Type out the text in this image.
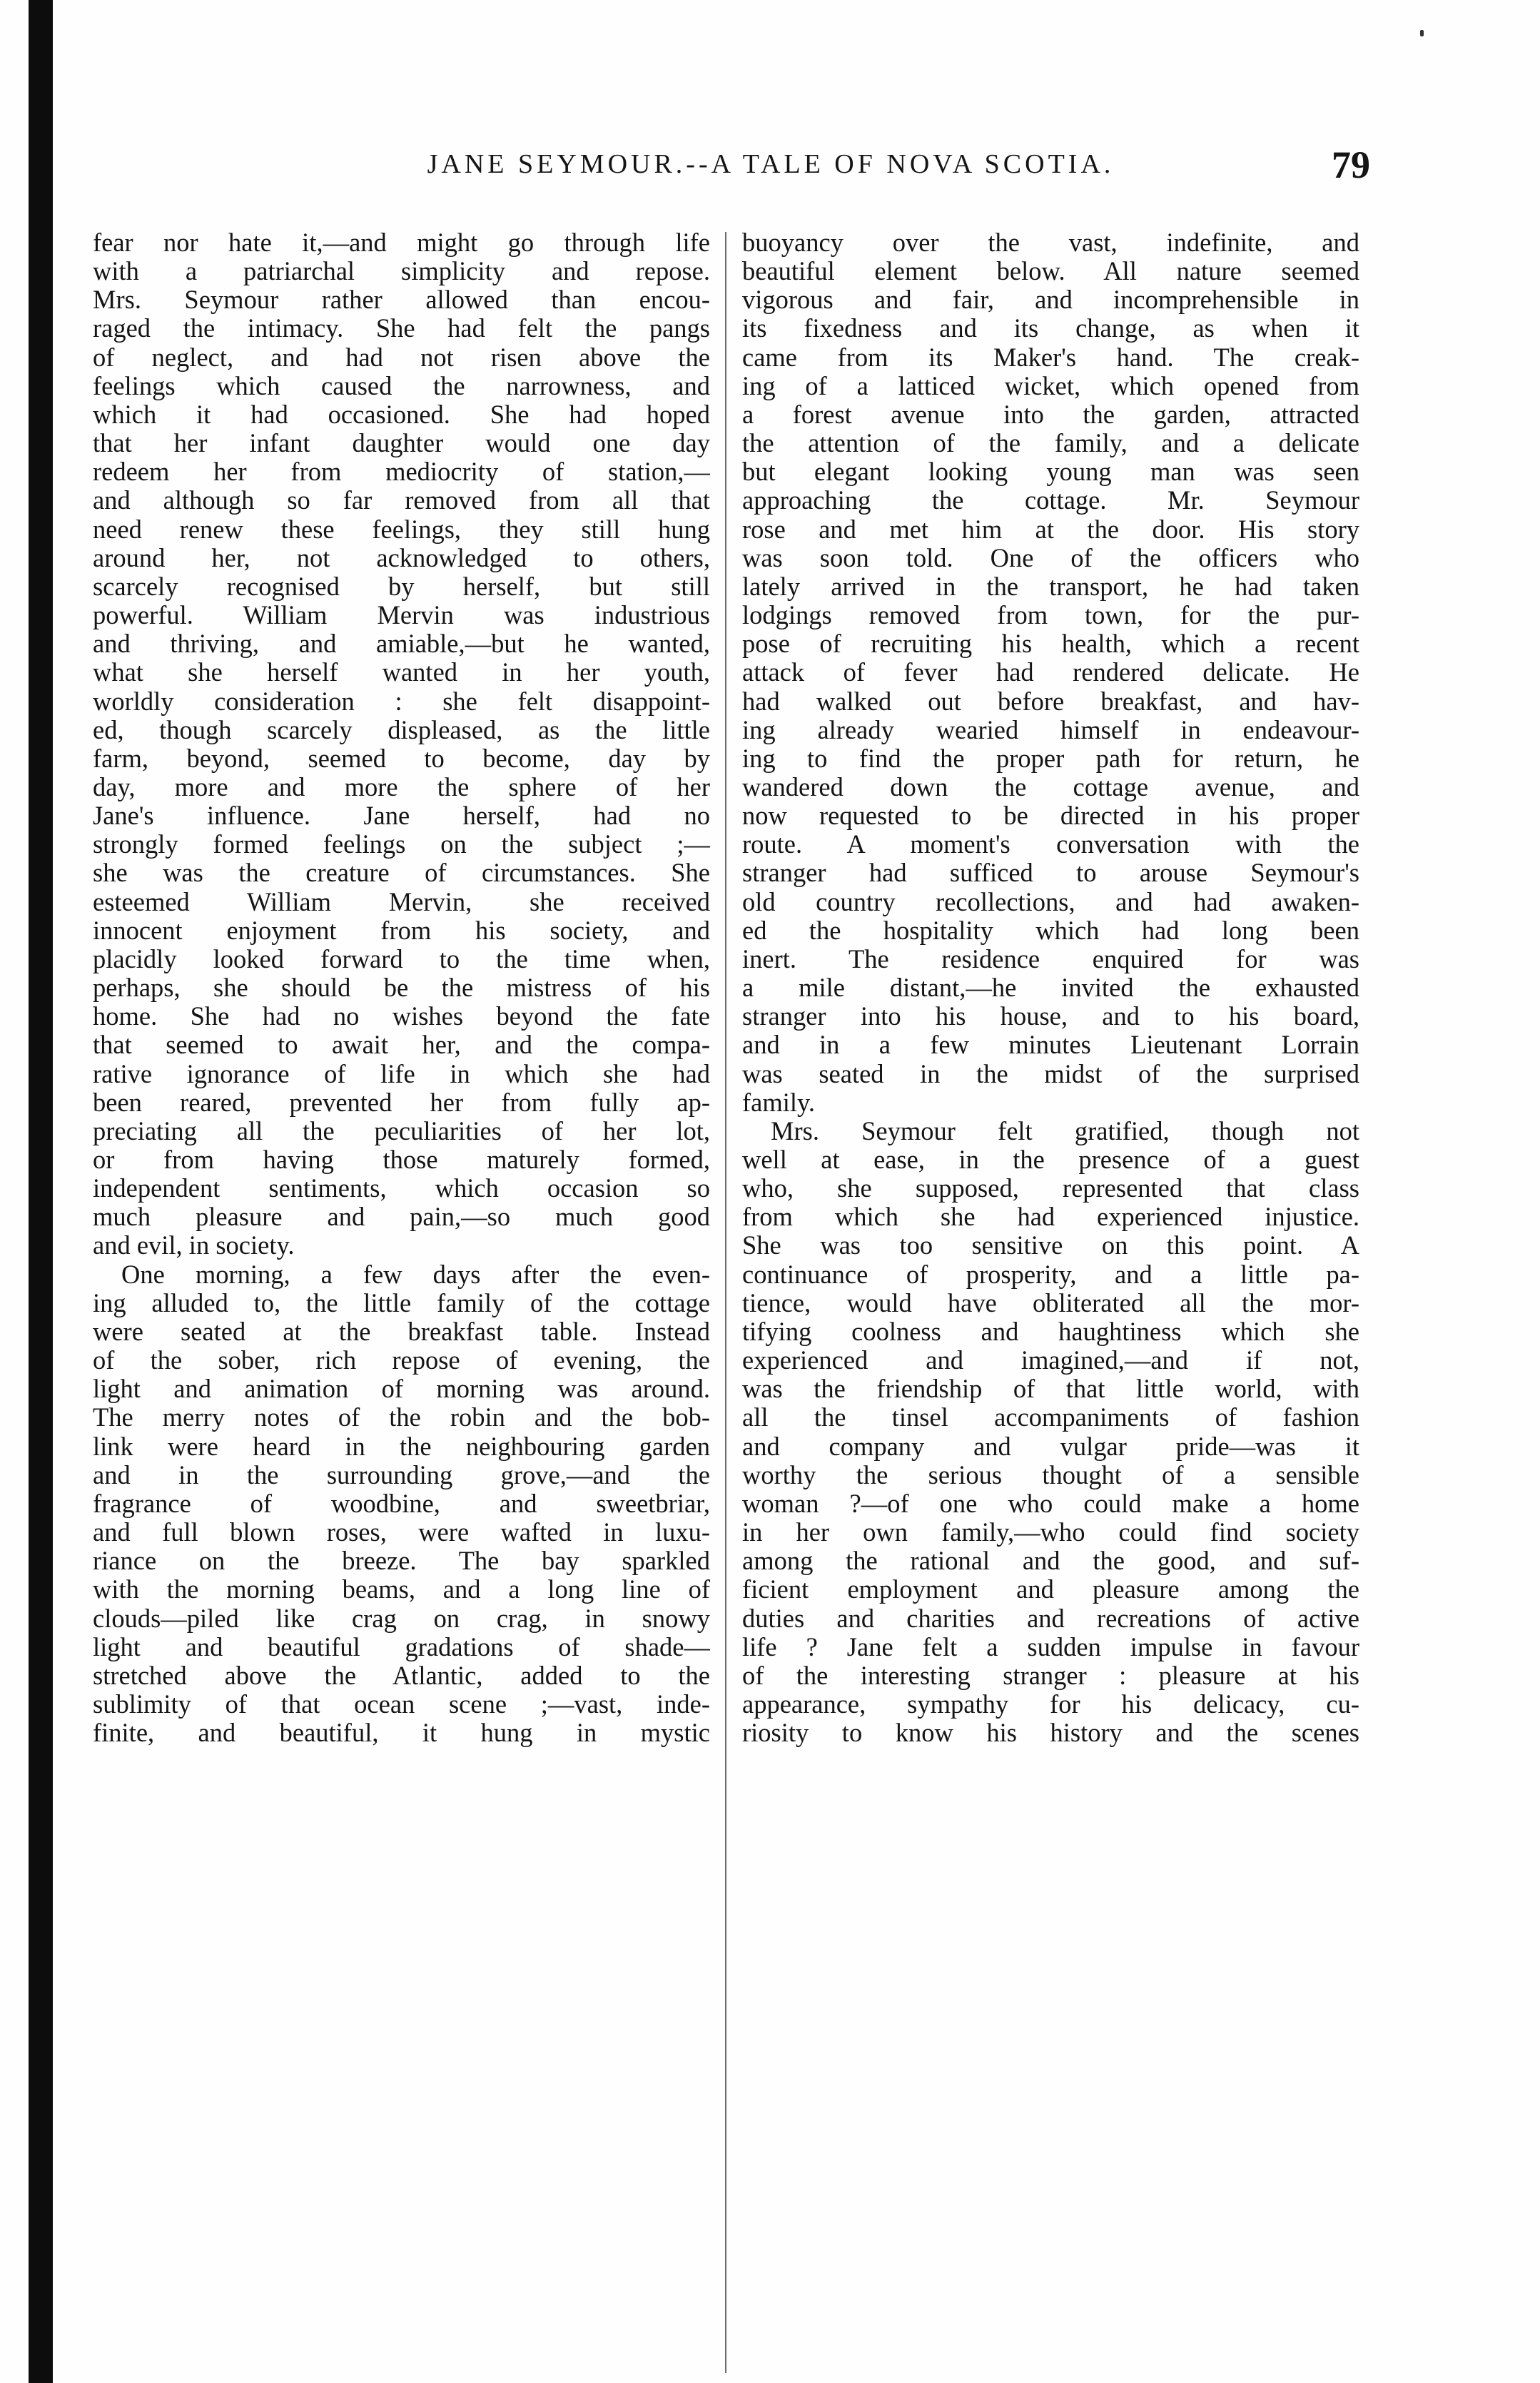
JANE SEYMOUR.--A TALE OF NOVA SCOTIA.	79
fear nor hate it,—and might go through life
with a patriarchal simplicity and repose.
Mrs. Seymour rather allowed than encou-
raged the intimacy. She had felt the pangs
of neglect, and had not risen above the
feelings which caused the narrowness, and
which it had occasioned. She had hoped
that her infant daughter would one day
redeem her from mediocrity of station,—
and although so far removed from all that
need renew these feelings, they still hung
around her, not acknowledged to others,
scarcely recognised by herself, but still
powerful. William Mervin was industrious
and thriving, and amiable,—but he wanted,
what she herself wanted in her youth,
worldly consideration : she felt disappoint-
ed, though scarcely displeased, as the little
farm, beyond, seemed to become, day by
day, more and more the sphere of her
Jane's influence. Jane herself, had no
strongly formed feelings on the subject ;—
she was the creature of circumstances. She
esteemed William Mervin, she received
innocent enjoyment from his society, and
placidly looked forward to the time when,
perhaps, she should be the mistress of his
home. She had no wishes beyond the fate
that seemed to await her, and the compa-
rative ignorance of life in which she had
been reared, prevented her from fully ap-
preciating all the peculiarities of her lot,
or from having those maturely formed,
independent sentiments, which occasion so
much pleasure and pain,—so much good
and evil, in society.
One morning, a few days after the even-
ing alluded to, the little family of the cottage
were seated at the breakfast table. Instead
of the sober, rich repose of evening, the
light and animation of morning was around.
The merry notes of the robin and the bob-
link were heard in the neighbouring garden
and in the surrounding grove,—and the
fragrance of woodbine, and sweetbriar,
and full blown roses, were wafted in luxu-
riance on the breeze. The bay sparkled
with the morning beams, and a long line of
clouds—piled like crag on crag, in snowy
light and beautiful gradations of shade—
stretched above the Atlantic, added to the
sublimity of that ocean scene ;—vast, inde-
finite, and beautiful, it hung in mystic
buoyancy over the vast, indefinite, and
beautiful element below. All nature seemed
vigorous and fair, and incomprehensible in
its fixedness and its change, as when it
came from its Maker's hand. The creak-
ing of a latticed wicket, which opened from
a forest avenue into the garden, attracted
the attention of the family, and a delicate
but elegant looking young man was seen
approaching the cottage. Mr. Seymour
rose and met him at the door. His story
was soon told. One of the officers who
lately arrived in the transport, he had taken
lodgings removed from town, for the pur-
pose of recruiting his health, which a recent
attack of fever had rendered delicate. He
had walked out before breakfast, and hav-
ing already wearied himself in endeavour-
ing to find the proper path for return, he
wandered down the cottage avenue, and
now requested to be directed in his proper
route. A moment's conversation with the
stranger had sufficed to arouse Seymour's
old country recollections, and had awaken-
ed the hospitality which had long been
inert. The residence enquired for was
a mile distant,—he invited the exhausted
stranger into his house, and to his board,
and in a few minutes Lieutenant Lorrain
was seated in the midst of the surprised
family.
Mrs. Seymour felt gratified, though not
well at ease, in the presence of a guest
who, she supposed, represented that class
from which she had experienced injustice.
She was too sensitive on this point. A
continuance of prosperity, and a little pa-
tience, would have obliterated all the mor-
tifying coolness and haughtiness which she
experienced and imagined,—and if not,
was the friendship of that little world, with
all the tinsel accompaniments of fashion
and company and vulgar pride—was it
worthy the serious thought of a sensible
woman ?—of one who could make a home
in her own family,—who could find society
among the rational and the good, and suf-
ficient employment and pleasure among the
duties and charities and recreations of active
life ? Jane felt a sudden impulse in favour
of the interesting stranger : pleasure at his
appearance, sympathy for his delicacy, cu-
riosity to know his history and the scenes
